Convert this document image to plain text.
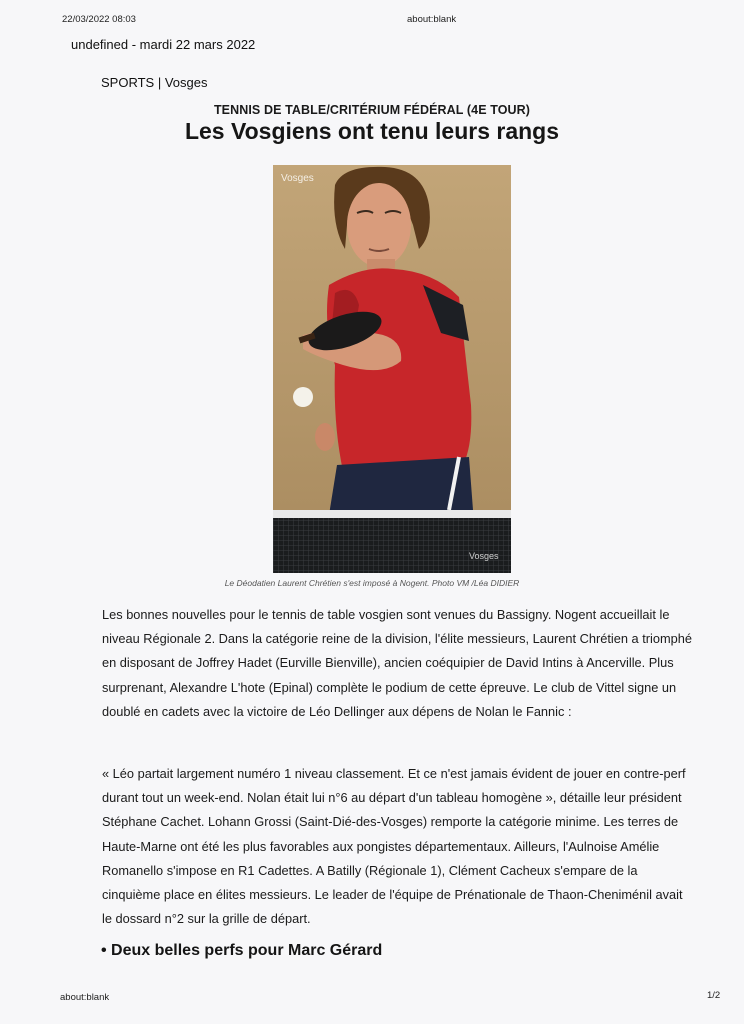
22/03/2022 08:03	about:blank
undefined - mardi 22 mars 2022
SPORTS | Vosges
TENNIS DE TABLE/CRITÉRIUM FÉDÉRAL (4E TOUR)
Les Vosgiens ont tenu leurs rangs
Vosges
Vosges
Le Déodatien Laurent Chrétien s'est imposé à Nogent. Photo VM /Léa DIDIER
Les bonnes nouvelles pour le tennis de table vosgien sont venues du Bassigny. Nogent accueillait le niveau Régionale 2. Dans la catégorie reine de la division, l'élite messieurs, Laurent Chrétien a triomphé en disposant de Joffrey Hadet (Eurville Bienville), ancien coéquipier de David Intins à Ancerville. Plus surprenant, Alexandre L'hote (Epinal) complète le podium de cette épreuve. Le club de Vittel signe un doublé en cadets avec la victoire de Léo Dellinger aux dépens de Nolan le Fannic :
« Léo partait largement numéro 1 niveau classement. Et ce n'est jamais évident de jouer en contre-perf durant tout un week-end. Nolan était lui n°6 au départ d'un tableau homogène », détaille leur président Stéphane Cachet. Lohann Grossi (Saint-Dié-des-Vosges) remporte la catégorie minime. Les terres de Haute-Marne ont été les plus favorables aux pongistes départementaux. Ailleurs, l'Aulnoise Amélie Romanello s'impose en R1 Cadettes. A Batilly (Régionale 1), Clément Cacheux s'empare de la cinquième place en élites messieurs. Le leader de l'équipe de Prénationale de Thaon-Cheniménil avait le dossard n°2 sur la grille de départ.
• Deux belles perfs pour Marc Gérard
about:blank	1/2
